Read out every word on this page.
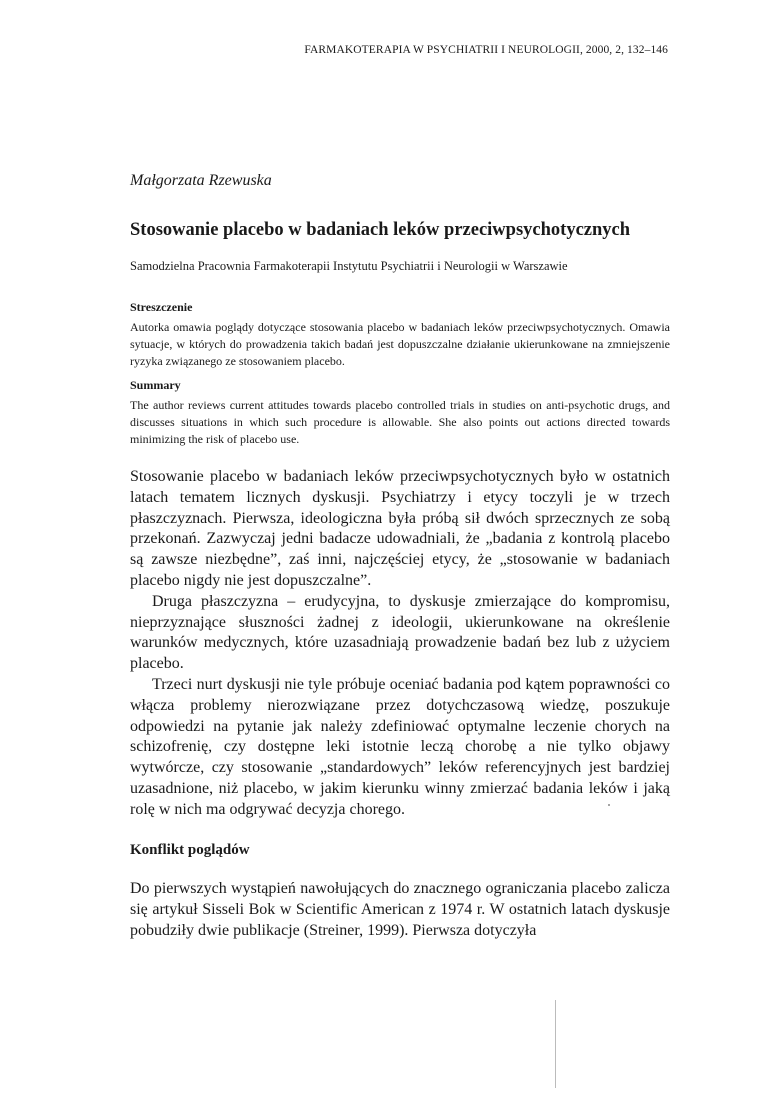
FARMAKOTERAPIA W PSYCHIATRII I NEUROLOGII, 2000, 2, 132–146
Małgorzata Rzewuska
Stosowanie placebo w badaniach leków przeciwpsychotycznych
Samodzielna Pracownia Farmakoterapii Instytutu Psychiatrii i Neurologii w Warszawie
Streszczenie

Autorka omawia poglądy dotyczące stosowania placebo w badaniach leków przeciwpsychotycznych. Omawia sytuacje, w których do prowadzenia takich badań jest dopuszczalne działanie ukierunkowane na zmniejszenie ryzyka związanego ze stosowaniem placebo.

Summary

The author reviews current attitudes towards placebo controlled trials in studies on anti-psychotic drugs, and discusses situations in which such procedure is allowable. She also points out actions directed towards minimizing the risk of placebo use.

Stosowanie placebo w badaniach leków przeciwpsychotycznych było w ostatnich latach tematem licznych dyskusji. Psychiatrzy i etycy toczyli je w trzech płaszczyznach. Pierwsza, ideologiczna była próbą sił dwóch sprzecznych ze sobą przekonań. Zazwyczaj jedni badacze udowadniali, że „badania z kontrolą placebo są zawsze niezbędne”, zaś inni, najczęściej etycy, że „stosowanie w badaniach placebo nigdy nie jest dopuszczalne”.

Druga płaszczyzna – erudycyjna, to dyskusje zmierzające do kompromisu, nieprzyznające słuszności żadnej z ideologii, ukierunkowane na określenie warunków medycznych, które uzasadniają prowadzenie badań bez lub z użyciem placebo.

Trzeci nurt dyskusji nie tyle próbuje oceniać badania pod kątem poprawności co włącza problemy nierozwiązane przez dotychczasową wiedzę, poszukuje odpowiedzi na pytanie jak należy zdefiniować optymalne leczenie chorych na schizofrenię, czy dostępne leki istotnie leczą chorobę a nie tylko objawy wytwórcze, czy stosowanie „standardowych” leków referencyjnych jest bardziej uzasadnione, niż placebo, w jakim kierunku winny zmierzać badania leków i jaką rolę w nich ma odgrywać decyzja chorego.

Konflikt poglądów

Do pierwszych wystąpień nawołujących do znacznego ograniczania placebo zalicza się artykuł Sisseli Bok w Scientific American z 1974 r. W ostatnich latach dyskusje pobudziły dwie publikacje (Streiner, 1999). Pierwsza dotyczyła
